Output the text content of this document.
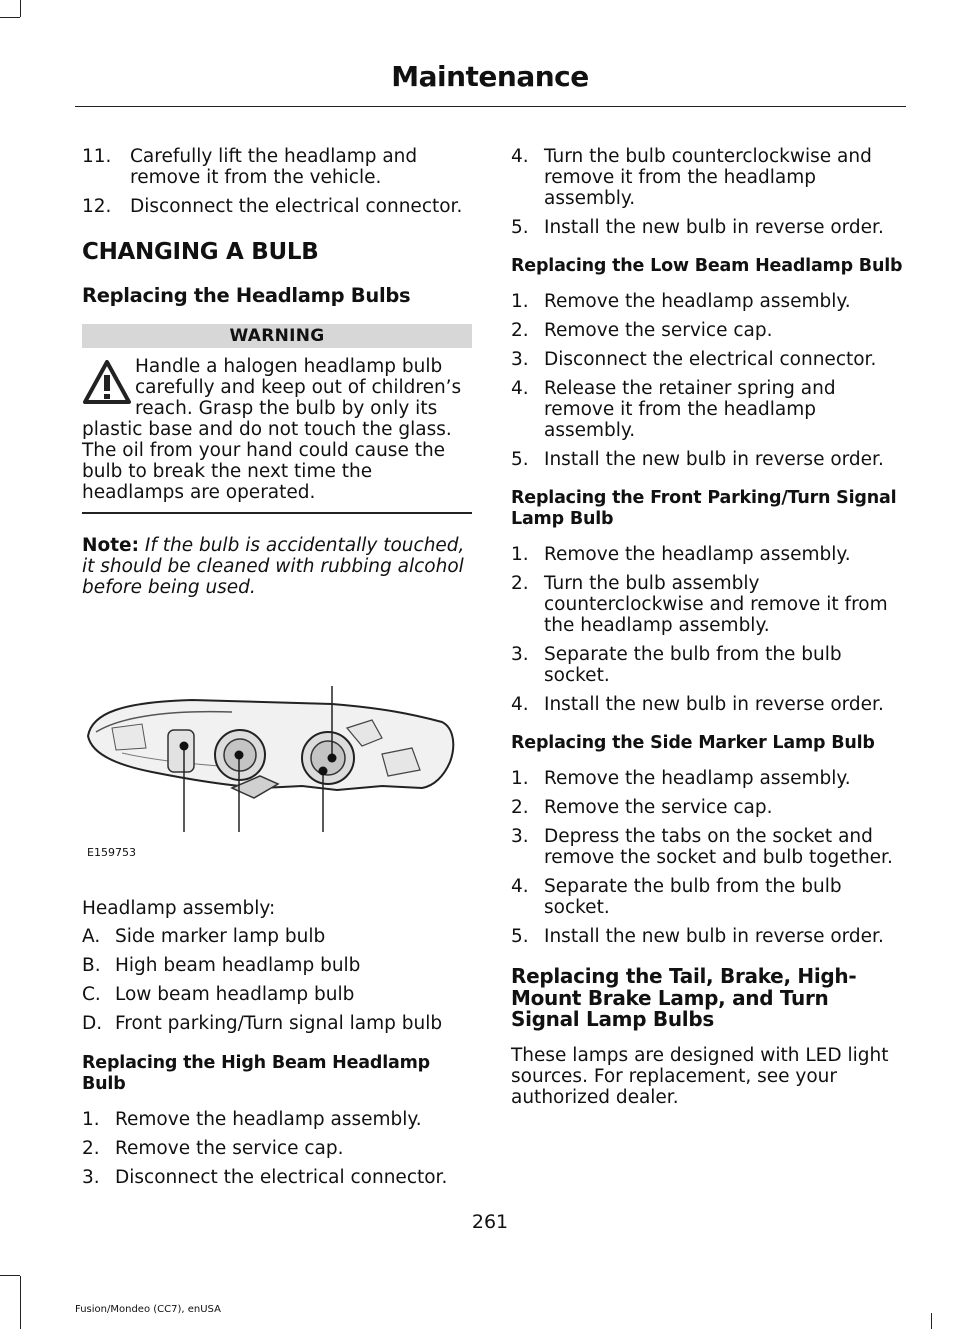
Maintenance
11.	Carefully lift the headlamp and remove it from the vehicle.
12.	Disconnect the electrical connector.
CHANGING A BULB
Replacing the Headlamp Bulbs
WARNING
Handle a halogen headlamp bulb carefully and keep out of children’s reach. Grasp the bulb by only its plastic base and do not touch the glass. The oil from your hand could cause the bulb to break the next time the headlamps are operated.
Note: If the bulb is accidentally touched, it should be cleaned with rubbing alcohol before being used.
E159753
Headlamp assembly:
A. Side marker lamp bulb
B. High beam headlamp bulb
C. Low beam headlamp bulb
D. Front parking/Turn signal lamp bulb
Replacing the High Beam Headlamp Bulb
1. Remove the headlamp assembly.
2. Remove the service cap.
3. Disconnect the electrical connector.
4. Turn the bulb counterclockwise and remove it from the headlamp assembly.
5. Install the new bulb in reverse order.
Replacing the Low Beam Headlamp Bulb
1. Remove the headlamp assembly.
2. Remove the service cap.
3. Disconnect the electrical connector.
4. Release the retainer spring and remove it from the headlamp assembly.
5. Install the new bulb in reverse order.
Replacing the Front Parking/Turn Signal Lamp Bulb
1. Remove the headlamp assembly.
2. Turn the bulb assembly counterclockwise and remove it from the headlamp assembly.
3. Separate the bulb from the bulb socket.
4. Install the new bulb in reverse order.
Replacing the Side Marker Lamp Bulb
1. Remove the headlamp assembly.
2. Remove the service cap.
3. Depress the tabs on the socket and remove the socket and bulb together.
4. Separate the bulb from the bulb socket.
5. Install the new bulb in reverse order.
Replacing the Tail, Brake, High-Mount Brake Lamp, and Turn Signal Lamp Bulbs
These lamps are designed with LED light sources. For replacement, see your authorized dealer.
261
Fusion/Mondeo (CC7), enUSA
